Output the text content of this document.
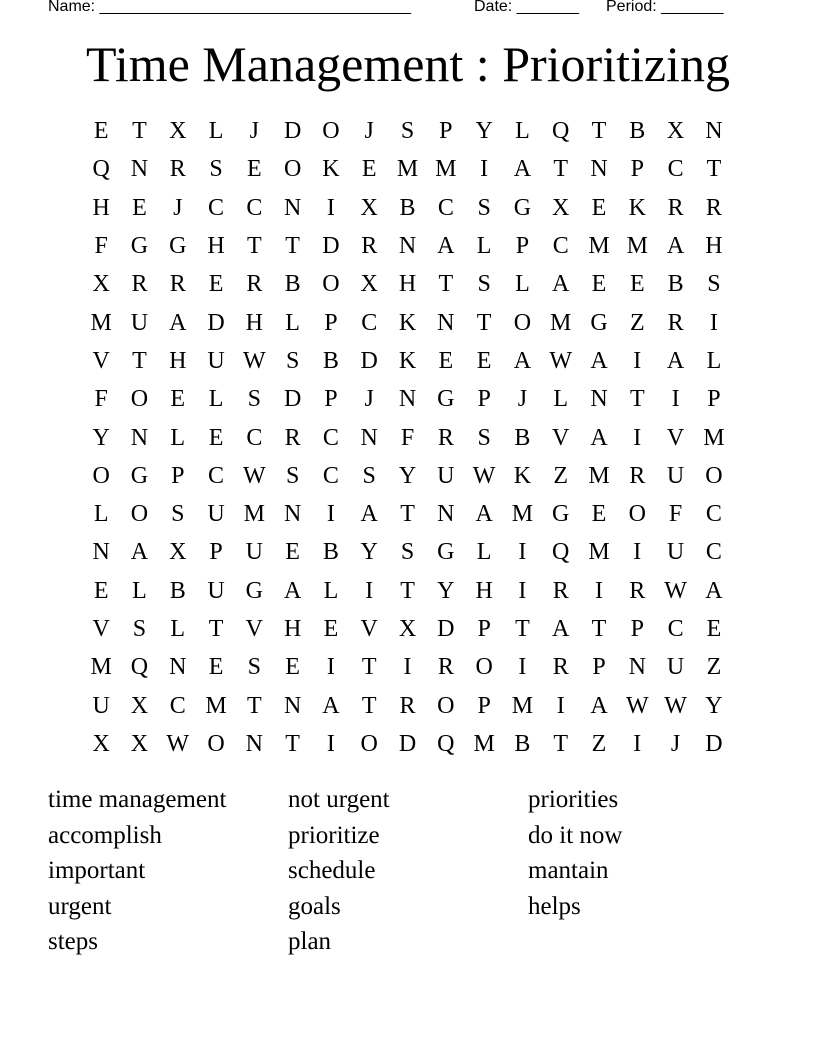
Name: ___________________________________	Date: _______ Period: _______
Time Management : Prioritizing
E T X L	J	D O	J	S	P Y L Q T B X N
Q N R S	E O K E M M I	A T N P C T
H E	J	C C N	I	X B C S G X E K R R
F G G H T T D R N A L	P C M M A H
X R R E R B O X H T	S	L A E E B S
M U A D H L	P C K N T O M G Z R	I
V T H U W S B D K E E A W A	I	A L
F O E L	S D P	J	N G P	J	L N T	I	P
Y N L E C R C N F R S B V A	I	V M
O G P C W S C S Y U W K Z M R U O
L O S U M N	I	A T N A M G E O F C
N A X P U E B Y S G L	I	Q M I	U C
E L B U G A L	I	T Y H	I	R	I	R W A
V S	L T V H E V X D P	T A T	P C E
M Q N E	S	E	I	T	I	R O	I	R P N U Z
U X C M T N A T R O P M I	A W W Y
X X W O N T	I	O D Q M B T Z	I	J	D
time management
accomplish
important
urgent
steps
not urgent
prioritize
schedule
goals
plan
priorities
do it now
mantain
helps
